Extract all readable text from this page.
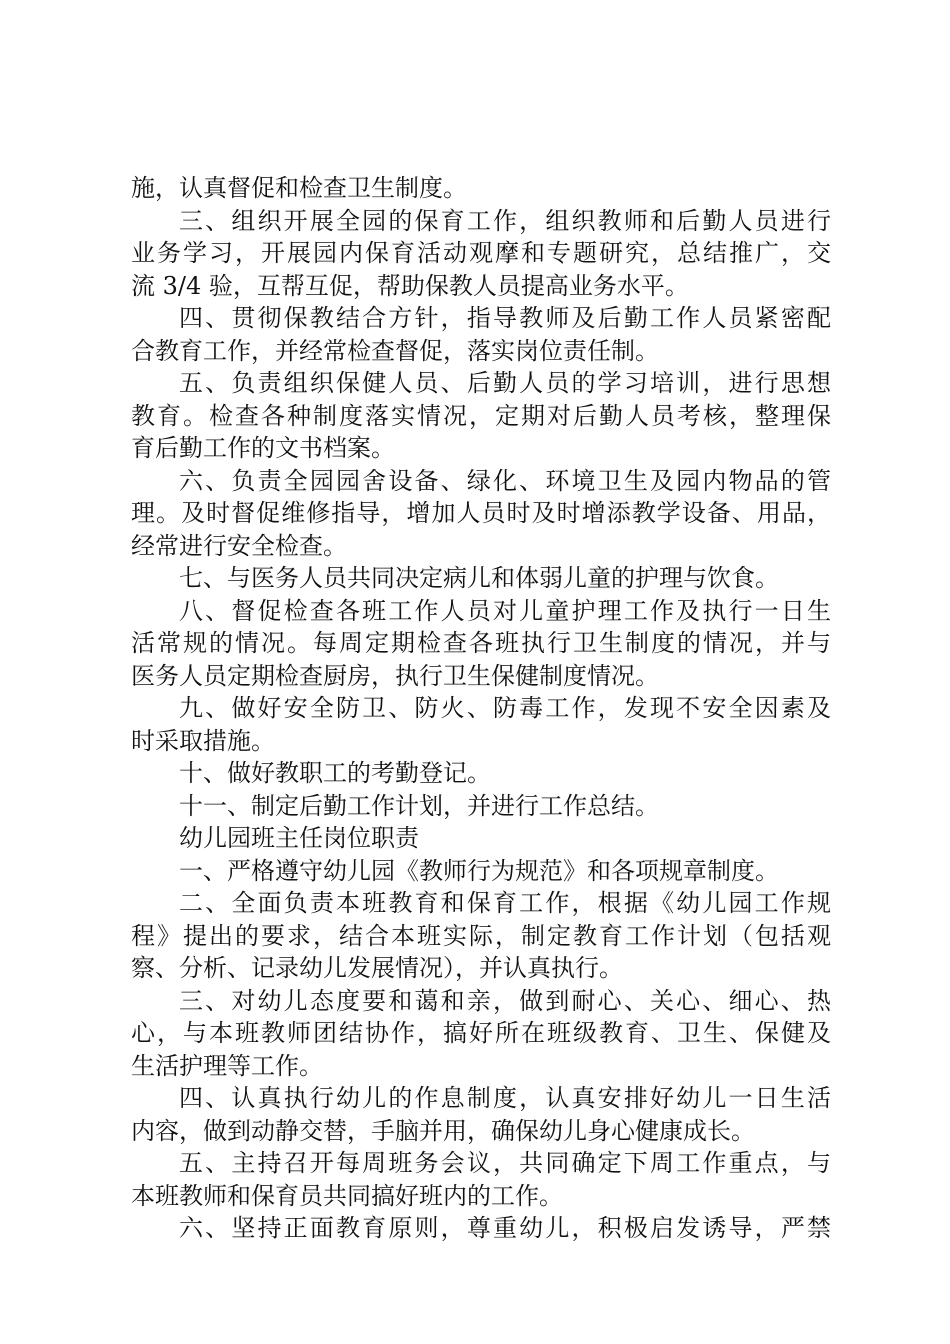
施，认真督促和检查卫生制度。
三、组织开展全园的保育工作，组织教师和后勤人员进行
业务学习，开展园内保育活动观摩和专题研究，总结推广，交
流 3/4 验，互帮互促，帮助保教人员提高业务水平。
四、贯彻保教结合方针，指导教师及后勤工作人员紧密配
合教育工作，并经常检查督促，落实岗位责任制。
五、负责组织保健人员、后勤人员的学习培训，进行思想
教育。检查各种制度落实情况，定期对后勤人员考核，整理保
育后勤工作的文书档案。
六、负责全园园舍设备、绿化、环境卫生及园内物品的管
理。及时督促维修指导，增加人员时及时增添教学设备、用品，
经常进行安全检查。
七、与医务人员共同决定病儿和体弱儿童的护理与饮食。
八、督促检查各班工作人员对儿童护理工作及执行一日生
活常规的情况。每周定期检查各班执行卫生制度的情况，并与
医务人员定期检查厨房，执行卫生保健制度情况。
九、做好安全防卫、防火、防毒工作，发现不安全因素及
时采取措施。
十、做好教职工的考勤登记。
十一、制定后勤工作计划，并进行工作总结。
幼儿园班主任岗位职责
一、严格遵守幼儿园《教师行为规范》和各项规章制度。
二、全面负责本班教育和保育工作，根据《幼儿园工作规
程》提出的要求，结合本班实际，制定教育工作计划（包括观
察、分析、记录幼儿发展情况），并认真执行。
三、对幼儿态度要和蔼和亲，做到耐心、关心、细心、热
心，与本班教师团结协作，搞好所在班级教育、卫生、保健及
生活护理等工作。
四、认真执行幼儿的作息制度，认真安排好幼儿一日生活
内容，做到动静交替，手脑并用，确保幼儿身心健康成长。
五、主持召开每周班务会议，共同确定下周工作重点，与
本班教师和保育员共同搞好班内的工作。
六、坚持正面教育原则，尊重幼儿，积极启发诱导，严禁
